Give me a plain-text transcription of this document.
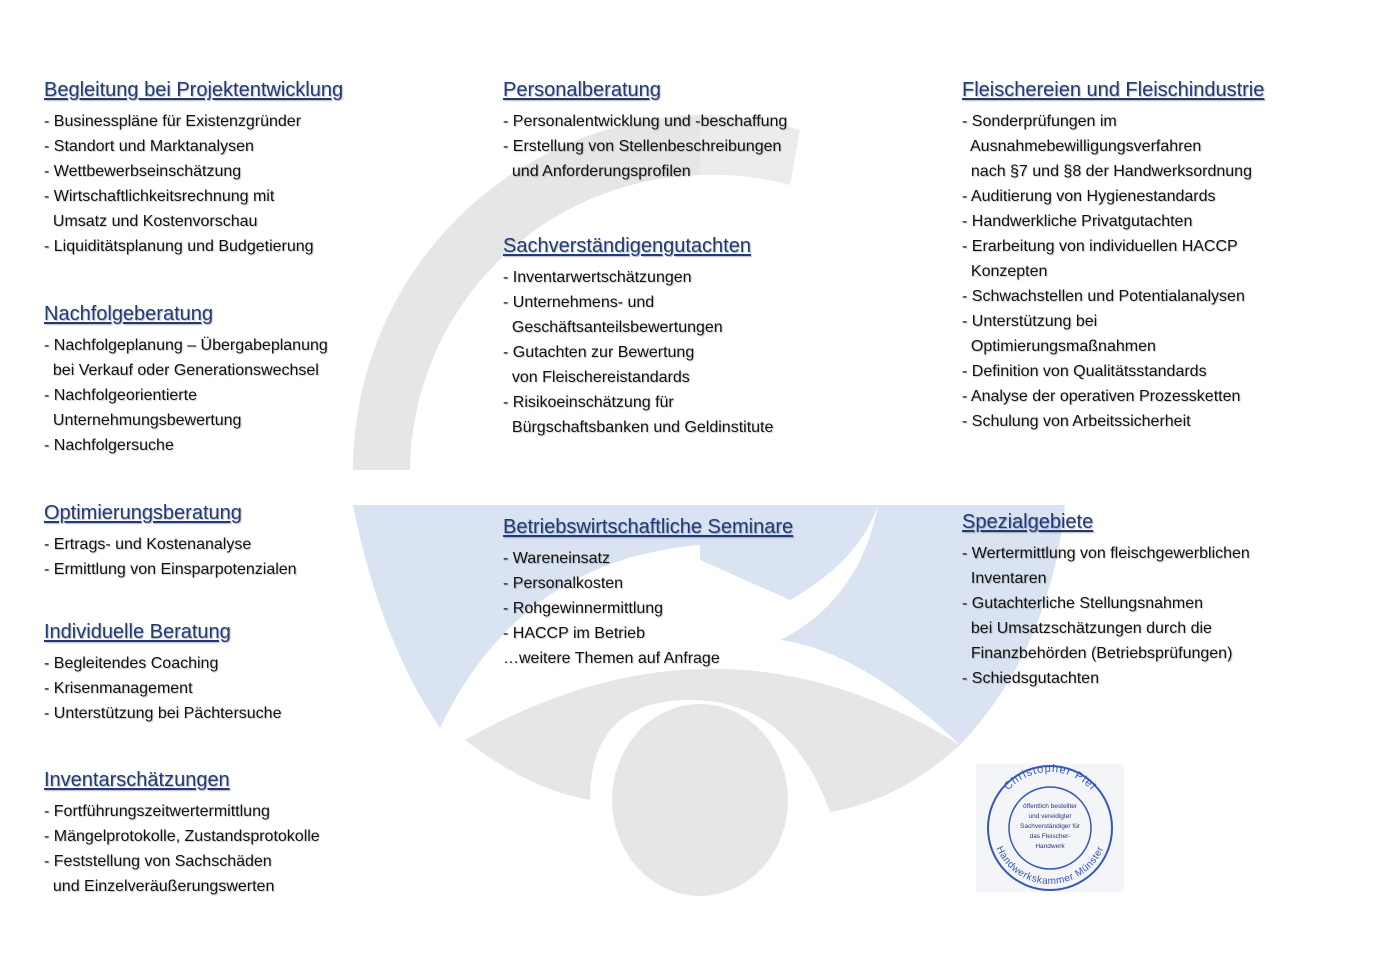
Begleitung bei Projektentwicklung
- Businesspläne für Existenzgründer
- Standort und Marktanalysen
- Wettbewerbseinschätzung
- Wirtschaftlichkeitsrechnung mit
Umsatz und Kostenvorschau
- Liquiditätsplanung und Budgetierung
Nachfolgeberatung
- Nachfolgeplanung – Übergabeplanung
bei Verkauf oder Generationswechsel
- Nachfolgeorientierte
Unternehmungsbewertung
- Nachfolgersuche
Optimierungsberatung
- Ertrags- und Kostenanalyse
- Ermittlung von Einsparpotenzialen
Individuelle Beratung
- Begleitendes Coaching
- Krisenmanagement
- Unterstützung bei Pächtersuche
Inventarschätzungen
- Fortführungszeitwertermittlung
- Mängelprotokolle, Zustandsprotokolle
- Feststellung von Sachschäden
und Einzelveräußerungswerten
Personalberatung
- Personalentwicklung und -beschaffung
- Erstellung von Stellenbeschreibungen
und Anforderungsprofilen
Sachverständigengutachten
- Inventarwertschätzungen
- Unternehmens- und
Geschäftsanteilsbewertungen
- Gutachten zur Bewertung
von Fleischereistandards
- Risikoeinschätzung für
Bürgschaftsbanken und Geldinstitute
Betriebswirtschaftliche Seminare
- Wareneinsatz
- Personalkosten
- Rohgewinnermittlung
- HACCP im Betrieb
…weitere Themen auf Anfrage
Fleischereien und Fleischindustrie
- Sonderprüfungen im
Ausnahmebewilligungsverfahren
nach §7 und §8 der Handwerksordnung
- Auditierung von Hygienestandards
- Handwerkliche Privatgutachten
- Erarbeitung von individuellen HACCP
Konzepten
- Schwachstellen und Potentialanalysen
- Unterstützung bei
Optimierungsmaßnahmen
- Definition von Qualitätsstandards
- Analyse der operativen Prozessketten
- Schulung von Arbeitssicherheit
Spezialgebiete
- Wertermittlung von fleischgewerblichen
Inventaren
- Gutachterliche Stellungsnahmen
bei Umsatzschätzungen durch die
Finanzbehörden (Betriebsprüfungen)
- Schiedsgutachten
Christopher Piel
Handwerkskammer Münster
öffentlich bestellter
und vereidigter
Sachverständiger für
das Fleischer-
Handwerk
